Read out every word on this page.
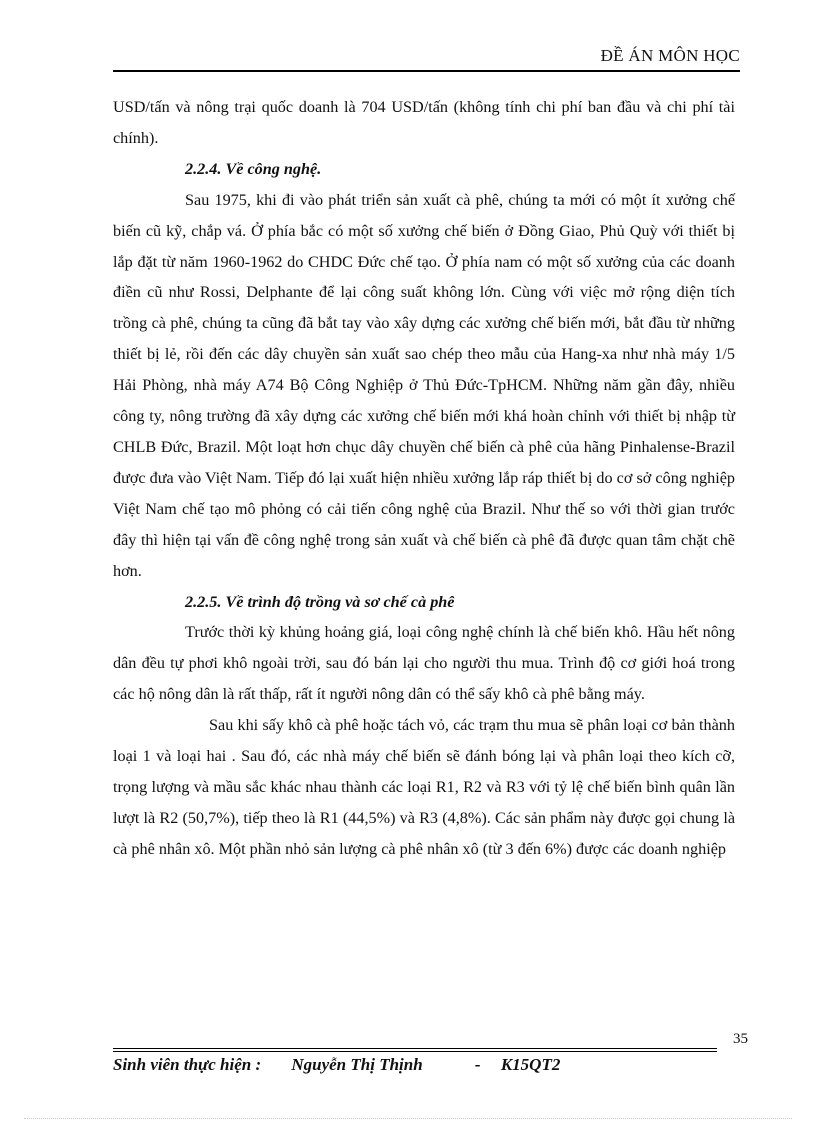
ĐỀ ÁN MÔN HỌC

USD/tấn và nông trại quốc doanh là 704 USD/tấn (không tính chi phí ban đầu và chi phí tài chính).

2.2.4. Về công nghệ.

Sau 1975, khi đi vào phát triển sản xuất cà phê, chúng ta mới có một ít xưởng chế biến cũ kỹ, chắp vá. Ở phía bắc có một số xưởng chế biến ở Đồng Giao, Phủ Quỳ với thiết bị lắp đặt từ năm 1960-1962 do CHDC Đức chế tạo. Ở phía nam có một số xưởng của các doanh điền cũ như Rossi, Delphante để lại công suất không lớn. Cùng với việc mở rộng diện tích trồng cà phê, chúng ta cũng đã bắt tay vào xây dựng các xưởng chế biến mới, bắt đầu từ những thiết bị lẻ, rồi đến các dây chuyền sản xuất sao chép theo mẫu của Hang-xa như nhà máy 1/5 Hải Phòng, nhà máy A74 Bộ Công Nghiệp ở Thủ Đức-TpHCM. Những năm gần đây, nhiều công ty, nông trường đã xây dựng các xưởng chế biến mới khá hoàn chỉnh với thiết bị nhập từ CHLB Đức, Brazil. Một loạt hơn chục dây chuyền chế biến cà phê của hãng Pinhalense-Brazil được đưa vào Việt Nam. Tiếp đó lại xuất hiện nhiều xưởng lắp ráp thiết bị do cơ sở công nghiệp Việt Nam chế tạo mô phỏng có cải tiến công nghệ của Brazil. Như thế so với thời gian trước đây thì hiện tại vấn đề công nghệ trong sản xuất và chế biến cà phê đã được quan tâm chặt chẽ hơn.

2.2.5. Về trình độ trồng và sơ chế cà phê

Trước thời kỳ khủng hoảng giá, loại công nghệ chính là chế biến khô. Hầu hết nông dân đều tự phơi khô ngoài trời, sau đó bán lại cho người thu mua. Trình độ cơ giới hoá trong các hộ nông dân là rất thấp, rất ít người nông dân có thể sấy khô cà phê bằng máy.

Sau khi sấy khô cà phê hoặc tách vỏ, các trạm thu mua sẽ phân loại cơ bản thành loại 1 và loại hai . Sau đó, các nhà máy chế biến sẽ đánh bóng lại và phân loại theo kích cỡ, trọng lượng và mầu sắc khác nhau thành các loại R1, R2 và R3 với tỷ lệ chế biến bình quân lần lượt là R2 (50,7%), tiếp theo là R1 (44,5%) và R3 (4,8%). Các sản phẩm này được gọi chung là cà phê nhân xô. Một phần nhỏ sản lượng cà phê nhân xô (từ 3 đến 6%) được các doanh nghiệp

35
Sinh viên thực hiện : Nguyễn Thị Thịnh	- K15QT2
